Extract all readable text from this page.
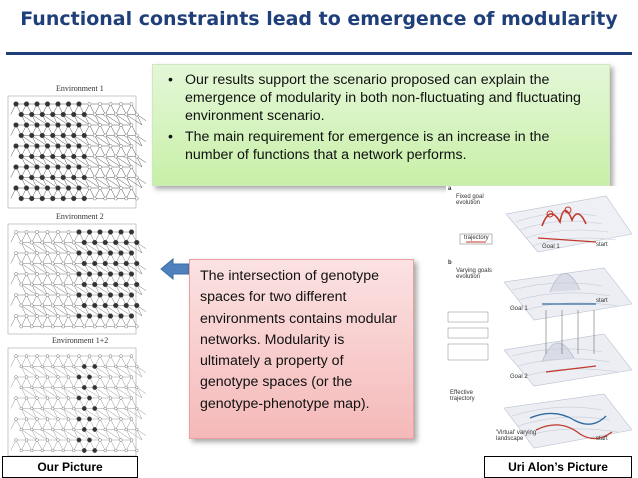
Functional constraints lead to emergence of modularity
Environment 1
Environment 2
Environment 1+2
• Our results support the scenario proposed can explain the emergence of modularity in both non-fluctuating and fluctuating environment scenario.
• The main requirement for emergence is an increase in the number of functions that a network performs.

The intersection of genotype spaces for two different environments contains modular networks. Modularity is ultimately a property of genotype spaces (or the genotype-phenotype map).

a
Fixed goal evolution
trajectory
Goal 1	start
b
Varying goals evolution
Goal 1
start
Goal 2
Effective trajectory
'Virtual' varying landscape	start
Our Picture	Uri Alon’s Picture
